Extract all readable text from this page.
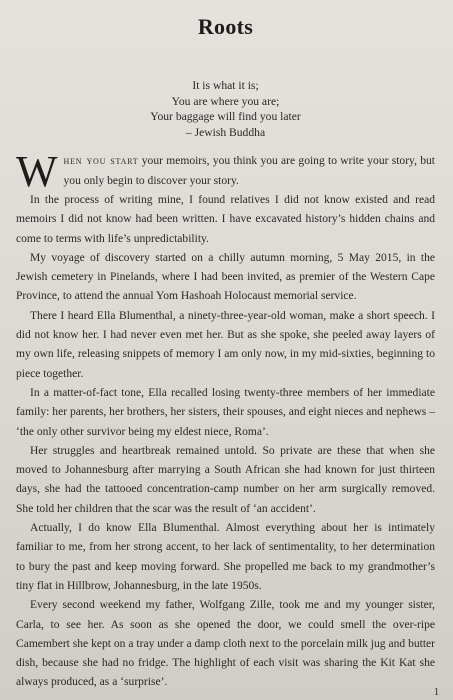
Roots
It is what it is;
You are where you are;
Your baggage will find you later
– Jewish Buddha

When you start your memoirs, you think you are going to write your story, but you only begin to discover your story.

In the process of writing mine, I found relatives I did not know existed and read memoirs I did not know had been written. I have excavated history’s hidden chains and come to terms with life’s unpredictability.

My voyage of discovery started on a chilly autumn morning, 5 May 2015, in the Jewish cemetery in Pinelands, where I had been invited, as premier of the Western Cape Province, to attend the annual Yom Hashoah Holocaust memorial service.

There I heard Ella Blumenthal, a ninety-three-year-old woman, make a short speech. I did not know her. I had never even met her. But as she spoke, she peeled away layers of my own life, releasing snippets of memory I am only now, in my mid-sixties, beginning to piece together.

In a matter-of-fact tone, Ella recalled losing twenty-three members of her immediate family: her parents, her brothers, her sisters, their spouses, and eight nieces and nephews – ‘the only other survivor being my eldest niece, Roma’.

Her struggles and heartbreak remained untold. So private are these that when she moved to Johannesburg after marrying a South African she had known for just thirteen days, she had the tattooed concentration-camp number on her arm surgically removed. She told her children that the scar was the result of ‘an accident’.

Actually, I do know Ella Blumenthal. Almost everything about her is intimately familiar to me, from her strong accent, to her lack of sentimentality, to her determination to bury the past and keep moving forward. She propelled me back to my grandmother’s tiny flat in Hillbrow, Johannesburg, in the late 1950s.

Every second weekend my father, Wolfgang Zille, took me and my younger sister, Carla, to see her. As soon as she opened the door, we could smell the over-ripe Camembert she kept on a tray under a damp cloth next to the porcelain milk jug and butter dish, because she had no fridge. The highlight of each visit was sharing the Kit Kat she always produced, as a ‘surprise’.

1
